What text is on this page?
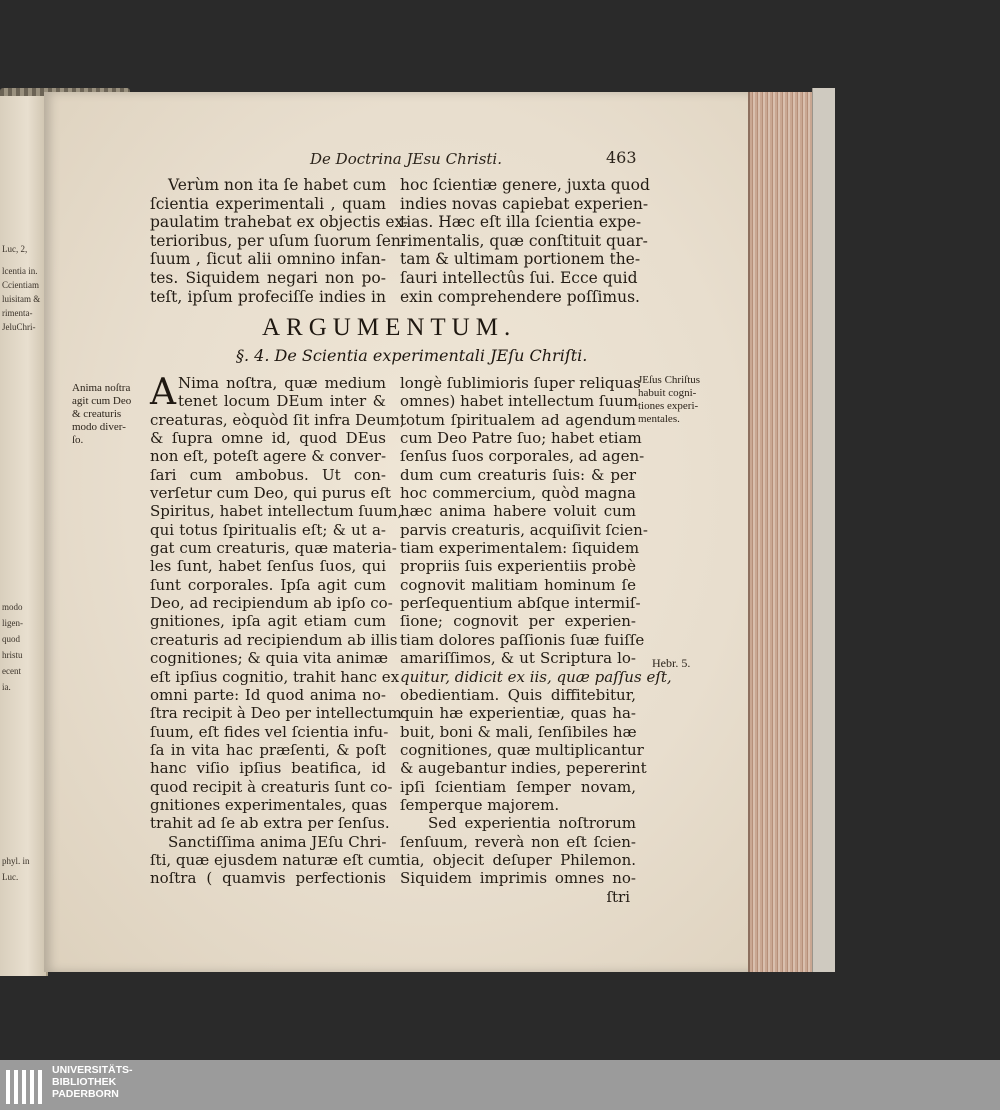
Luc, 2,
lcentia in.
Ccientiam
luisitam &
rimenta-
JeluChri-
modo
ligen-
quod
hristu
ecent
ia.
phyl. in
Luc.
De Doctrina JEsu Christi.	463
Verùm non ita ſe habet cum
ſcientia experimentali , quam
paulatim trahebat ex objectis ex-
terioribus, per uſum ſuorum ſen-
ſuum , ſicut alii omnino infan-
tes. Siquidem negari non po-
teſt, ipſum profeciſſe indies in
hoc ſcientiæ genere, juxta quod
indies novas capiebat experien-
tias. Hæc eſt illa ſcientia expe-
rimentalis, quæ conſtituit quar-
tam & ultimam portionem the-
ſauri intellectûs ſui. Ecce quid
exin comprehendere poſſimus.
ARGUMENTUM.
§. 4. De Scientia experimentali JEſu Chriſti.
Anima noſtra
agit cum Deo
& creaturis
modo diver-
ſo.
A Nima noſtra, quæ medium
tenet locum DEum inter &
creaturas, eòquòd ſit infra Deum,
& ſupra omne id, quod DEus
non eſt, poteſt agere & conver-
ſari cum ambobus. Ut con-
verſetur cum Deo, qui purus eſt
Spiritus, habet intellectum ſuum,
qui totus ſpiritualis eſt; & ut a-
gat cum creaturis, quæ materia-
les ſunt, habet ſenſus ſuos, qui
ſunt corporales. Ipſa agit cum
Deo, ad recipiendum ab ipſo co-
gnitiones, ipſa agit etiam cum
creaturis ad recipiendum ab illis
cognitiones; & quia vita animæ
eſt ipſius cognitio, trahit hanc ex
omni parte: Id quod anima no-
ſtra recipit à Deo per intellectum
ſuum, eſt fides vel ſcientia infu-
ſa in vita hac præſenti, & poſt
hanc viſio ipſius beatifica, id
quod recipit à creaturis ſunt co-
gnitiones experimentales, quas
trahit ad ſe ab extra per ſenſus.
Sanctiſſima anima JEſu Chri-
ſti, quæ ejusdem naturæ eſt cum
noſtra ( quamvis perfectionis
longè ſublimioris ſuper reliquas
omnes) habet intellectum ſuum
totum ſpiritualem ad agendum
cum Deo Patre ſuo; habet etiam
ſenſus ſuos corporales, ad agen-
dum cum creaturis ſuis: & per
hoc commercium, quòd magna
hæc anima habere voluit cum
parvis creaturis, acquiſivit ſcien-
tiam experimentalem: ſiquidem
propriis ſuis experientiis probè
cognovit malitiam hominum ſe
perſequentium abſque intermiſ-
ſione; cognovit per experien-
tiam dolores paſſionis ſuæ fuiſſe
amariſſimos, & ut Scriptura lo-
quitur, didicit ex iis, quæ paſſus eſt,
obedientiam. Quis diffitebitur,
quin hæ experientiæ, quas ha-
buit, boni & mali, ſenſibiles hæ
cognitiones, quæ multiplicantur
& augebantur indies, pepererint
ipſi ſcientiam ſemper novam,
ſemperque majorem.
Sed experientia noſtrorum
ſenſuum, reverà non eſt ſcien-
tia, objecit deſuper Philemon.
Siquidem imprimis omnes no-
ſtri
JEſus Chriſtus
habuit cogni-
tiones experi-
mentales.
Hebr. 5.
UNIVERSITÄTS-
BIBLIOTHEK
PADERBORN
